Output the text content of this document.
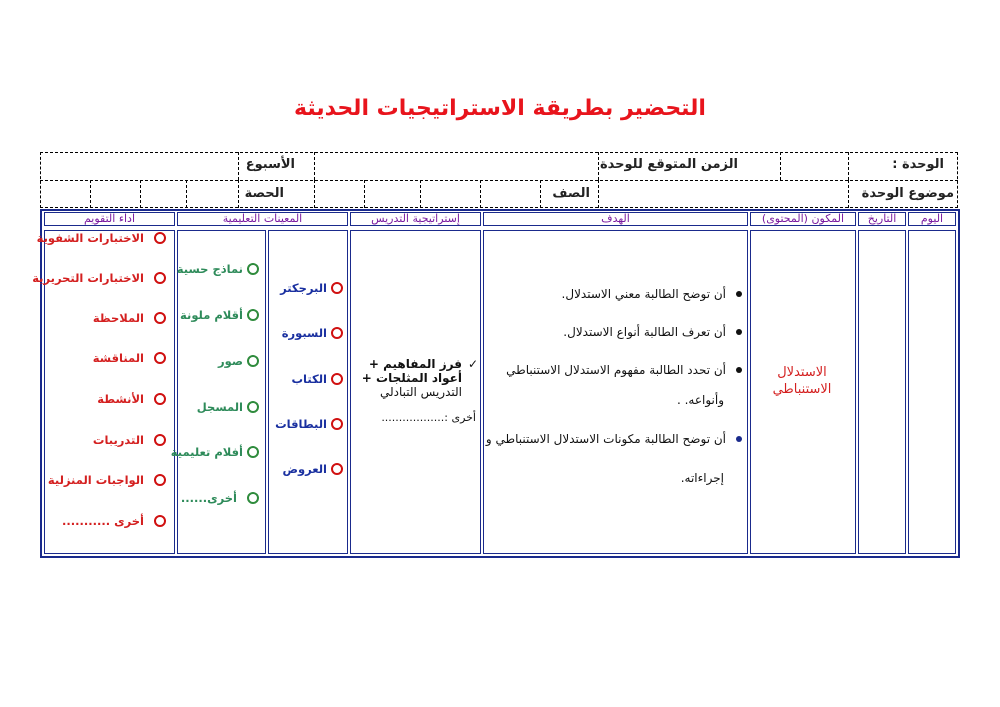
التحضير بطريقة الاستراتيجيات الحديثة
الوحدة :
الزمن المتوقع للوحدة
الأسبوع
موضوع الوحدة
الصف
الحصة
اليوم
التاريخ
المكون (المحتوى)
الهدف
إستراتيجية التدريس
المعينات التعليمية
اداء التقويم
الاستدلال الاستنباطي
أن توضح الطالبة معني الاستدلال.
أن تعرف الطالبة أنواع الاستدلال.
أن تحدد الطالبة مفهوم الاستدلال الاستنباطي
وأنواعه. .
أن توضح الطالبة مكونات الاستدلال الاستنباطي و
إجراءاته.
✓
فرز المفاهيم +
أعواد المثلجات +
التدريس التبادلي
أخرى :..................
البرجكتر
السبورة
الكتاب
البطاقات
العروض
نماذج حسية
أقلام ملونة
صور
المسجل
أفلام تعليمية
أخرى......
الاختبارات الشفوية
الاختبارات التحريرية
الملاحظة
المناقشة
الأنشطة
التدريبات
الواجبات المنزلية
أخرى ...........
